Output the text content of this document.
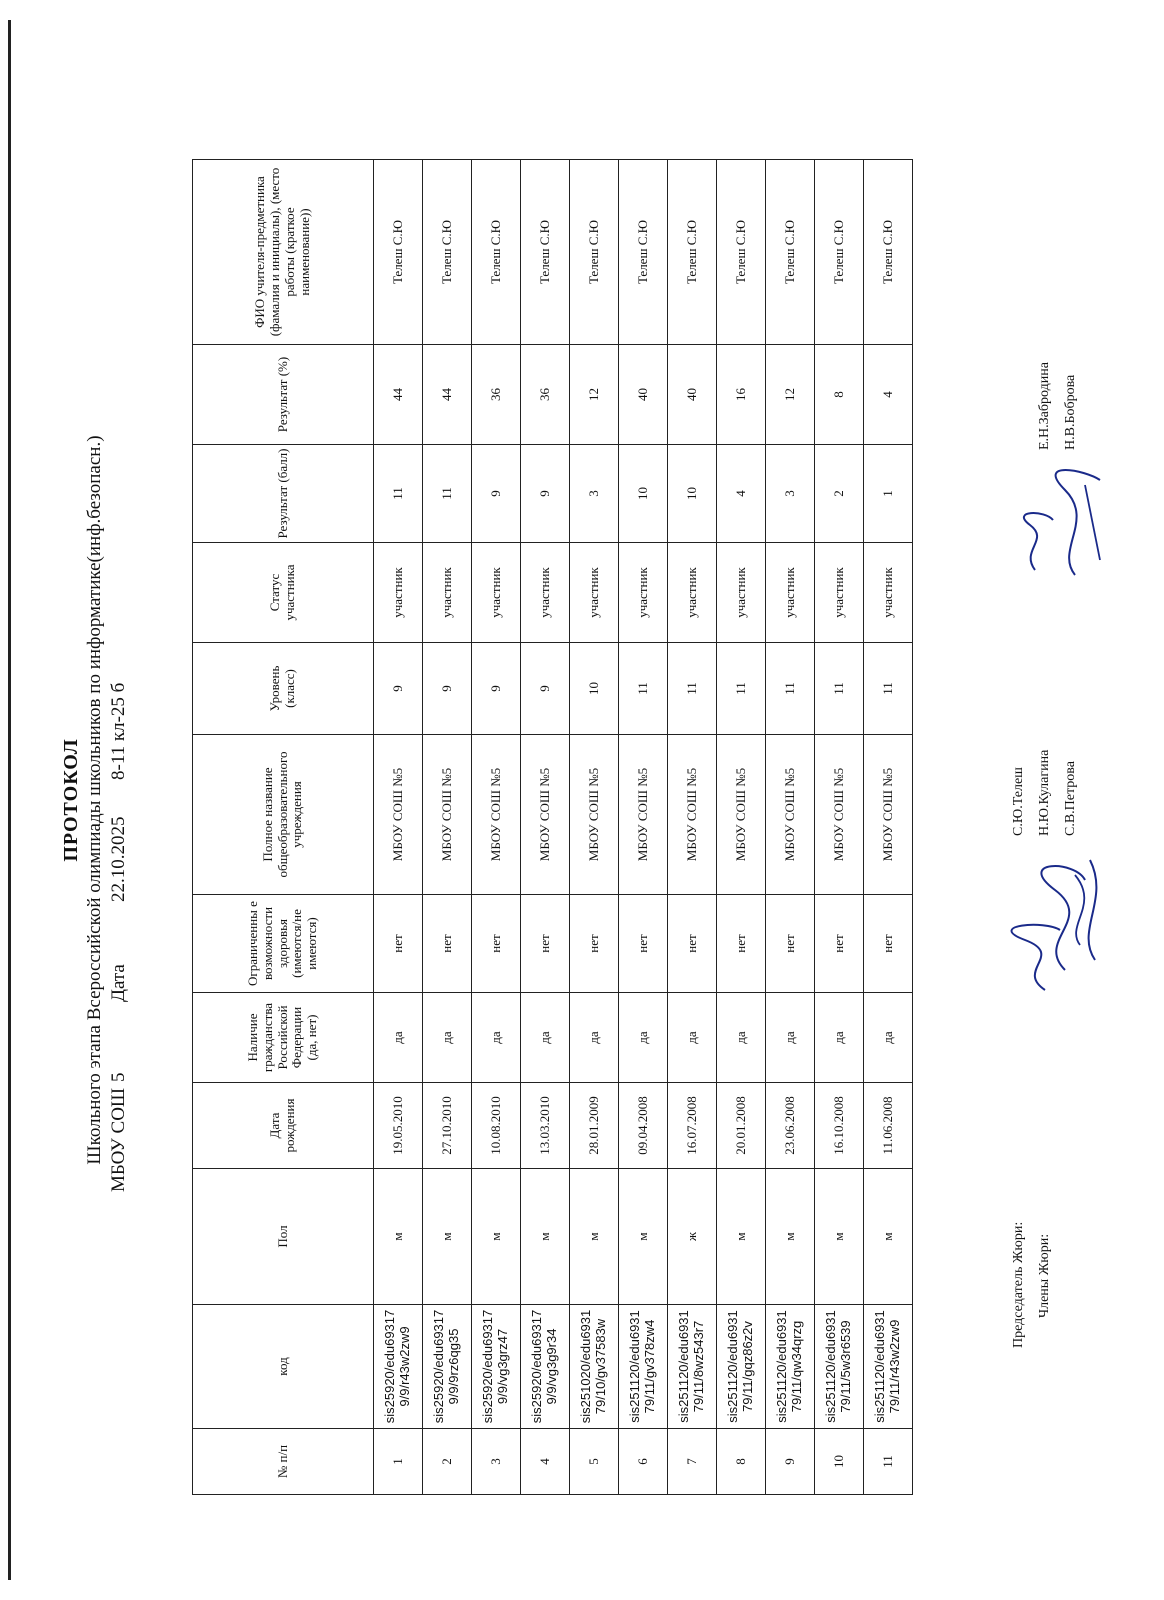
ПРОТОКОЛ Школьного этапа Всероссийской олимпиады школьников по информатике(инф.безопасн.) МБОУ СОШ
5
Дата
22.10.2025
8-11 кл-25 б
№ п/п	код	Пол	Дата рождения	Наличие гражданства Российской Федерации (да, нет)	Ограниченны е возможности здоровья (имеются/не имеются)	Полное название общеобразовательного учреждения	Уровень (класс)	Статус участника	Результат (балл)	Результат (%)	ФИО учителя-предметника (фамалия и инициалы), (место работы (краткое наименование))
1	sis25920/edu693179/9/r43w2zw9	м	19.05.2010	да	нет	МБОУ СОШ №5	9	участник	11	44	Телеш С.Ю
2	sis25920/edu693179/9/9rz6qg35	м	27.10.2010	да	нет	МБОУ СОШ №5	9	участник	11	44	Телеш С.Ю
3	sis25920/edu693179/9/vg3grz47	м	10.08.2010	да	нет	МБОУ СОШ №5	9	участник	9	36	Телеш С.Ю
4	sis25920/edu693179/9/vg3g9r34	м	13.03.2010	да	нет	МБОУ СОШ №5	9	участник	9	36	Телеш С.Ю
5	sis251020/edu693179/10/gv37583w	м	28.01.2009	да	нет	МБОУ СОШ №5	10	участник	3	12	Телеш С.Ю
6	sis251120/edu693179/11/gv378zw4	м	09.04.2008	да	нет	МБОУ СОШ №5	11	участник	10	40	Телеш С.Ю
7	sis251120/edu693179/11/8wz543r7	ж	16.07.2008	да	нет	МБОУ СОШ №5	11	участник	10	40	Телеш С.Ю
8	sis251120/edu693179/11/gqz86z2v	м	20.01.2008	да	нет	МБОУ СОШ №5	11	участник	4	16	Телеш С.Ю
9	sis251120/edu693179/11/qw34qrzg	м	23.06.2008	да	нет	МБОУ СОШ №5	11	участник	3	12	Телеш С.Ю
10	sis251120/edu693179/11/5w3r6539	м	16.10.2008	да	нет	МБОУ СОШ №5	11	участник	2	8	Телеш С.Ю
11	sis251120/edu693179/11/r43w2zw9	м	11.06.2008	да	нет	МБОУ СОШ №5	11	участник	1	4	Телеш С.Ю
Председатель Жюри: Члены Жюри:
С.Ю.Телеш Н.Ю.Кулагина С.В.Петрова
Е.Н.Забродина Н.В.Боброва
